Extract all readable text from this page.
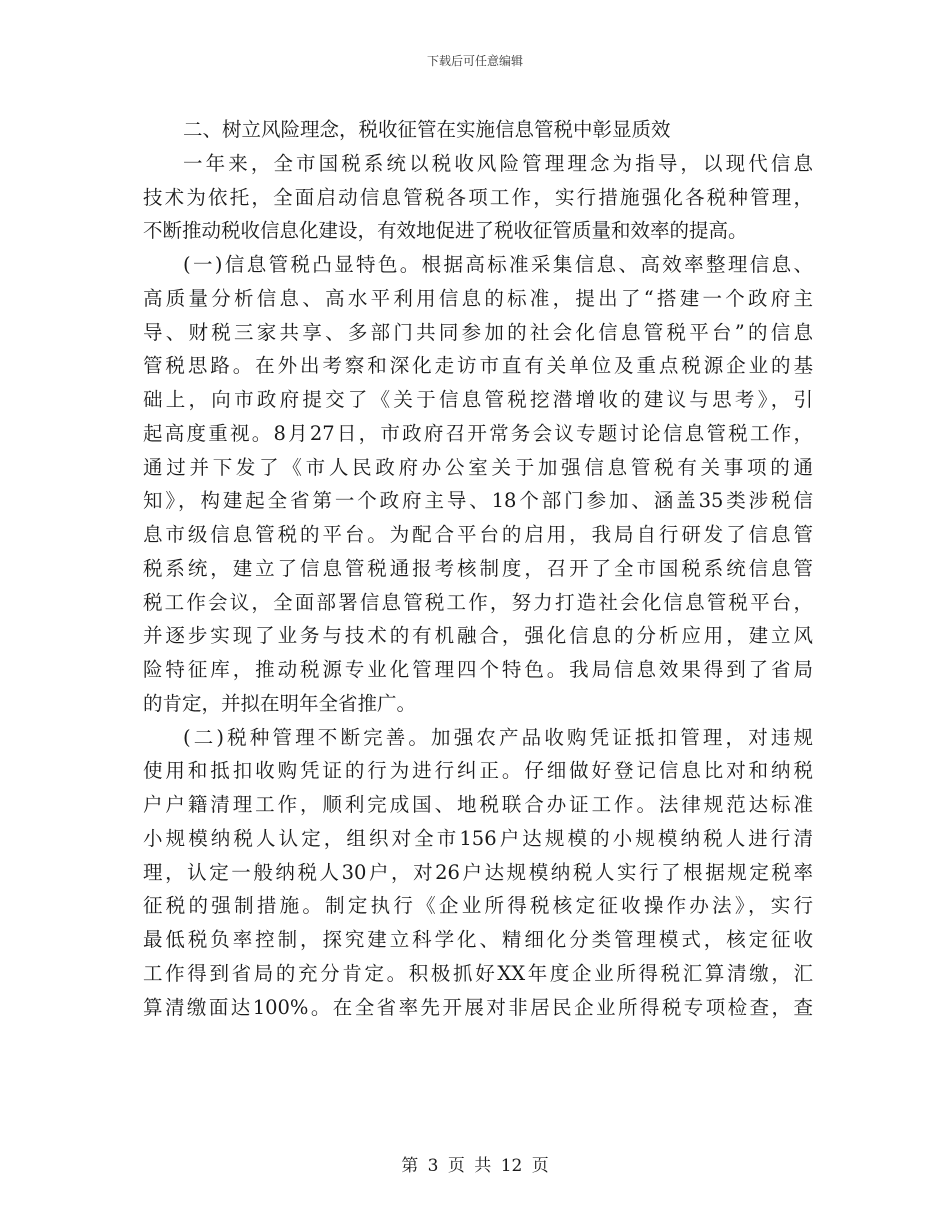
下载后可任意编辑
二、树立风险理念，税收征管在实施信息管税中彰显质效
一年来，全市国税系统以税收风险管理理念为指导，以现代信息
技术为依托，全面启动信息管税各项工作，实行措施强化各税种管理，
不断推动税收信息化建设，有效地促进了税收征管质量和效率的提高。
(一)信息管税凸显特色。根据高标准采集信息、高效率整理信息、
高质量分析信息、高水平利用信息的标准，提出了“搭建一个政府主
导、财税三家共享、多部门共同参加的社会化信息管税平台”的信息
管税思路。在外出考察和深化走访市直有关单位及重点税源企业的基
础上，向市政府提交了《关于信息管税挖潜增收的建议与思考》，引
起高度重视。8月27日，市政府召开常务会议专题讨论信息管税工作，
通过并下发了《市人民政府办公室关于加强信息管税有关事项的通
知》，构建起全省第一个政府主导、18个部门参加、涵盖35类涉税信
息市级信息管税的平台。为配合平台的启用，我局自行研发了信息管
税系统，建立了信息管税通报考核制度，召开了全市国税系统信息管
税工作会议，全面部署信息管税工作，努力打造社会化信息管税平台，
并逐步实现了业务与技术的有机融合，强化信息的分析应用，建立风
险特征库，推动税源专业化管理四个特色。我局信息效果得到了省局
的肯定，并拟在明年全省推广。
(二)税种管理不断完善。加强农产品收购凭证抵扣管理，对违规
使用和抵扣收购凭证的行为进行纠正。仔细做好登记信息比对和纳税
户户籍清理工作，顺利完成国、地税联合办证工作。法律规范达标准
小规模纳税人认定，组织对全市156户达规模的小规模纳税人进行清
理，认定一般纳税人30户，对26户达规模纳税人实行了根据规定税率
征税的强制措施。制定执行《企业所得税核定征收操作办法》，实行
最低税负率控制，探究建立科学化、精细化分类管理模式，核定征收
工作得到省局的充分肯定。积极抓好XX年度企业所得税汇算清缴，汇
算清缴面达100%。在全省率先开展对非居民企业所得税专项检查，查
第 3 页 共 12 页
